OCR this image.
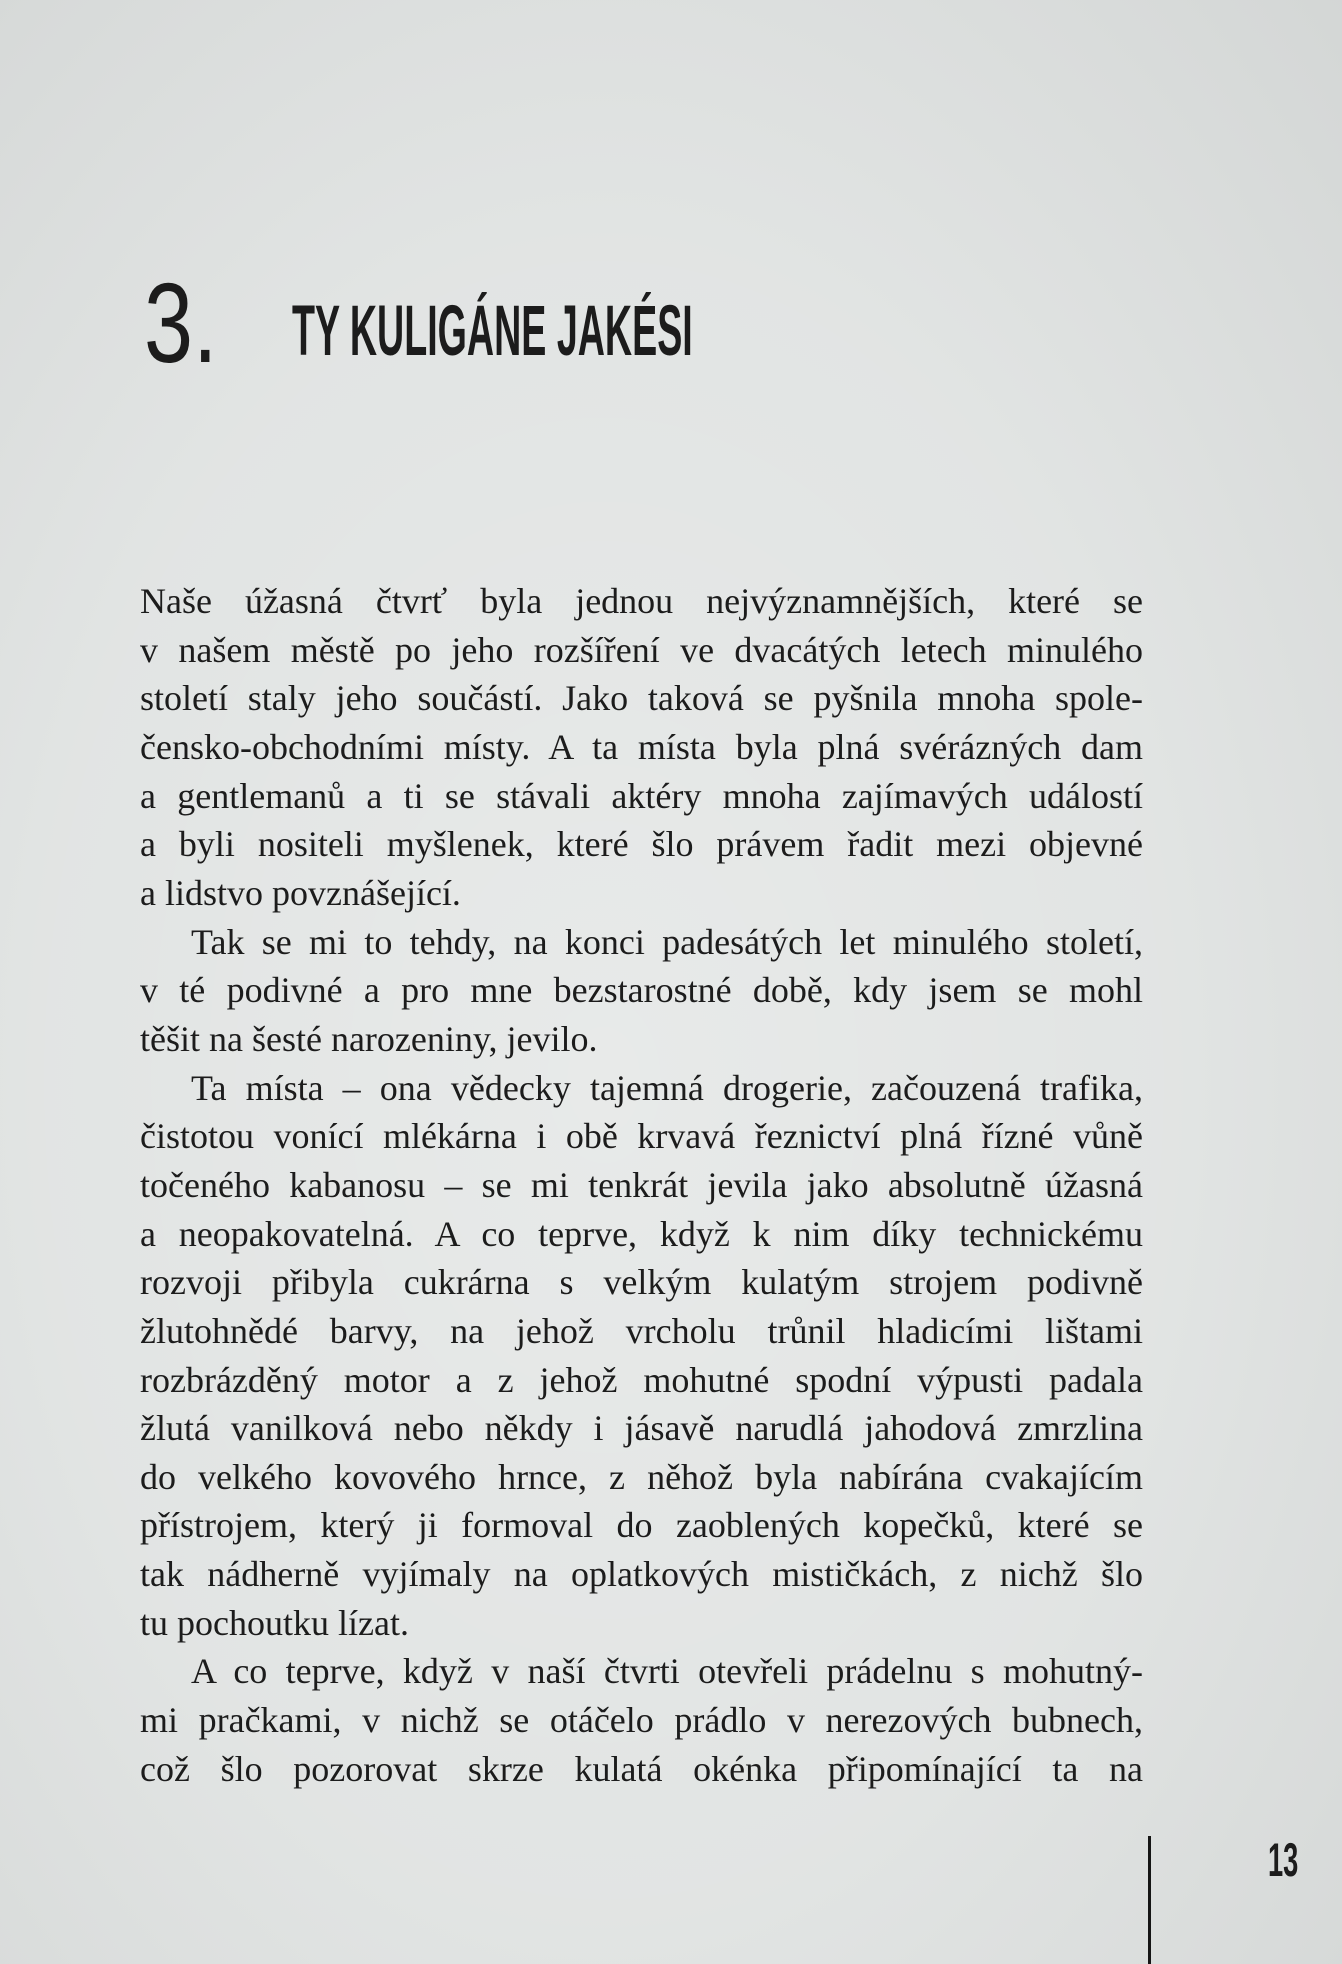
3. TY KULIGÁNE JAKÉSI
Naše úžasná čtvrť byla jednou nejvýznamnějších, které se
v našem městě po jeho rozšíření ve dvacátých letech minulého
století staly jeho součástí. Jako taková se pyšnila mnoha spole-
čensko-obchodními místy. A ta místa byla plná svérázných dam
a gentlemanů a ti se stávali aktéry mnoha zajímavých událostí
a byli nositeli myšlenek, které šlo právem řadit mezi objevné
a lidstvo povznášející.
Tak se mi to tehdy, na konci padesátých let minulého století,
v té podivné a pro mne bezstarostné době, kdy jsem se mohl
těšit na šesté narozeniny, jevilo.
Ta místa – ona vědecky tajemná drogerie, začouzená trafika,
čistotou vonící mlékárna i obě krvavá řeznictví plná řízné vůně
točeného kabanosu – se mi tenkrát jevila jako absolutně úžasná
a neopakovatelná. A co teprve, když k nim díky technickému
rozvoji přibyla cukrárna s velkým kulatým strojem podivně
žlutohnědé barvy, na jehož vrcholu trůnil hladicími lištami
rozbrázděný motor a z jehož mohutné spodní výpusti padala
žlutá vanilková nebo někdy i jásavě narudlá jahodová zmrzlina
do velkého kovového hrnce, z něhož byla nabírána cvakajícím
přístrojem, který ji formoval do zaoblených kopečků, které se
tak nádherně vyjímaly na oplatkových mističkách, z nichž šlo
tu pochoutku lízat.
A co teprve, když v naší čtvrti otevřeli prádelnu s mohutný-
mi pračkami, v nichž se otáčelo prádlo v nerezových bubnech,
což šlo pozorovat skrze kulatá okénka připomínající ta na
13
